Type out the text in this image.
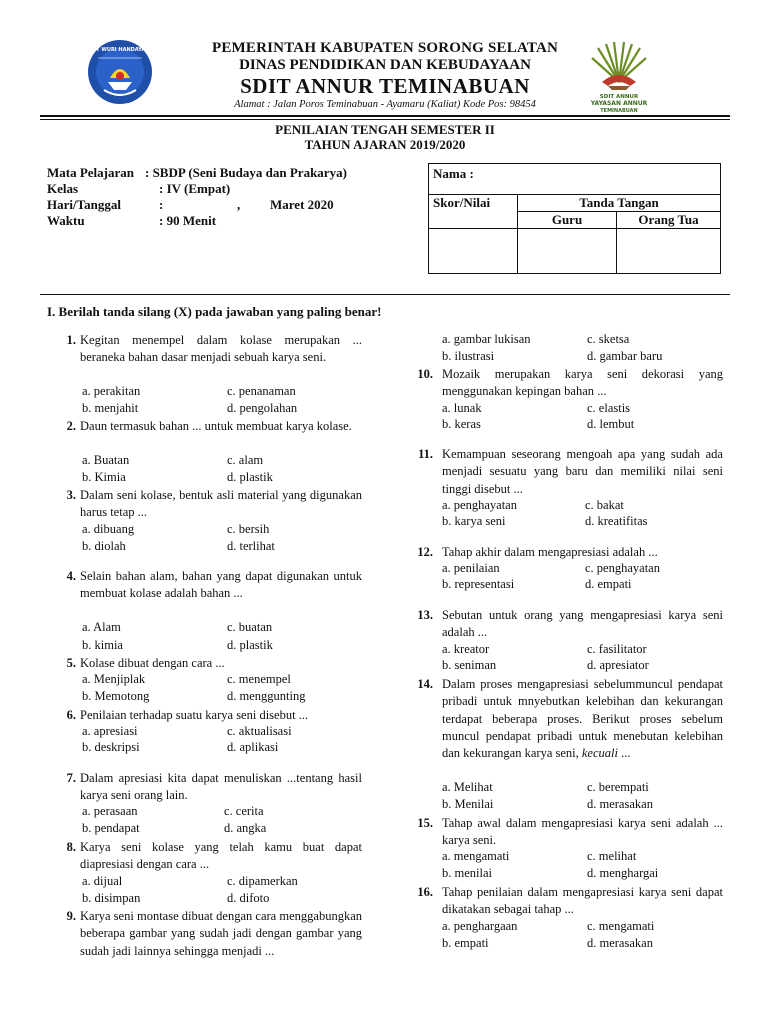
TUT WURI HANDAYANI
SDIT ANNUR
YAYASAN ANNUR
TEMINABUAN
PEMERINTAH KABUPATEN SORONG SELATAN
DINAS PENDIDIKAN DAN KEBUDAYAAN
SDIT ANNUR TEMINABUAN
Alamat : Jalan Poros Teminabuan - Ayamaru (Kaliat) Kode Pos: 98454
PENILAIAN TENGAH SEMESTER II
TAHUN AJARAN 2019/2020
Mata Pelajaran : SBDP (Seni Budaya dan Prakarya)
Kelas	: IV (Empat)
Hari/Tanggal	:	, Maret 2020
Waktu	: 90 Menit
Nama :		
Skor/Nilai	Tanda Tangan	
	Guru	Orang Tua

I. Berilah tanda silang (X) pada jawaban yang paling benar!
1. Kegitan menempel dalam kolase merupakan ... beraneka bahan dasar menjadi sebuah karya seni.
a. perakitan	c. penanaman
b. menjahit	d. pengolahan
2. Daun termasuk bahan ... untuk membuat karya kolase.
a. Buatan	c. alam
b. Kimia	d. plastik
3. Dalam seni kolase, bentuk asli material yang digunakan harus tetap ...
a. dibuang	c. bersih
b. diolah	d. terlihat
4. Selain bahan alam, bahan yang dapat digunakan untuk membuat kolase adalah bahan ...
a. Alam	c. buatan
b. kimia	d. plastik
5. Kolase dibuat dengan cara ...
a. Menjiplak	c. menempel
b. Memotong	d. menggunting
6. Penilaian terhadap suatu karya seni disebut ...
a. apresiasi	c. aktualisasi
b. deskripsi	d. aplikasi
7. Dalam apresiasi kita dapat menuliskan ...tentang hasil karya seni orang lain.
a. perasaan	c. cerita
b. pendapat	d. angka
8. Karya seni kolase yang telah kamu buat dapat diapresiasi dengan cara ...
a. dijual	c. dipamerkan
b. disimpan	d. difoto
9. Karya seni montase dibuat dengan cara menggabungkan beberapa gambar yang sudah jadi dengan gambar yang sudah jadi lainnya sehingga menjadi ...
a. gambar lukisan	c. sketsa
b. ilustrasi	d. gambar baru
10. Mozaik merupakan karya seni dekorasi yang menggunakan kepingan bahan ...
a. lunak	c. elastis
b. keras	d. lembut
11. Kemampuan seseorang mengoah apa yang sudah ada menjadi sesuatu yang baru dan memiliki nilai seni tinggi disebut ...
a. penghayatan	c. bakat
b. karya seni	d. kreatifitas
12. Tahap akhir dalam mengapresiasi adalah ...
a. penilaian	c. penghayatan
b. representasi	d. empati
13. Sebutan untuk orang yang mengapresiasi karya seni adalah ...
a. kreator	c. fasilitator
b. seniman	d. apresiator
14. Dalam proses mengapresiasi sebelummuncul pendapat pribadi untuk mnyebutkan kelebihan dan kekurangan terdapat beberapa proses. Berikut proses sebelum muncul pendapat pribadi untuk menebutan kelebihan dan kekurangan karya seni, kecuali ...
a. Melihat	c. berempati
b. Menilai	d. merasakan
15. Tahap awal dalam mengapresiasi karya seni adalah ... karya seni.
a. mengamati	c. melihat
b. menilai	d. menghargai
16. Tahap penilaian dalam mengapresiasi karya seni dapat dikatakan sebagai tahap ...
a. penghargaan	c. mengamati
b. empati	d. merasakan
